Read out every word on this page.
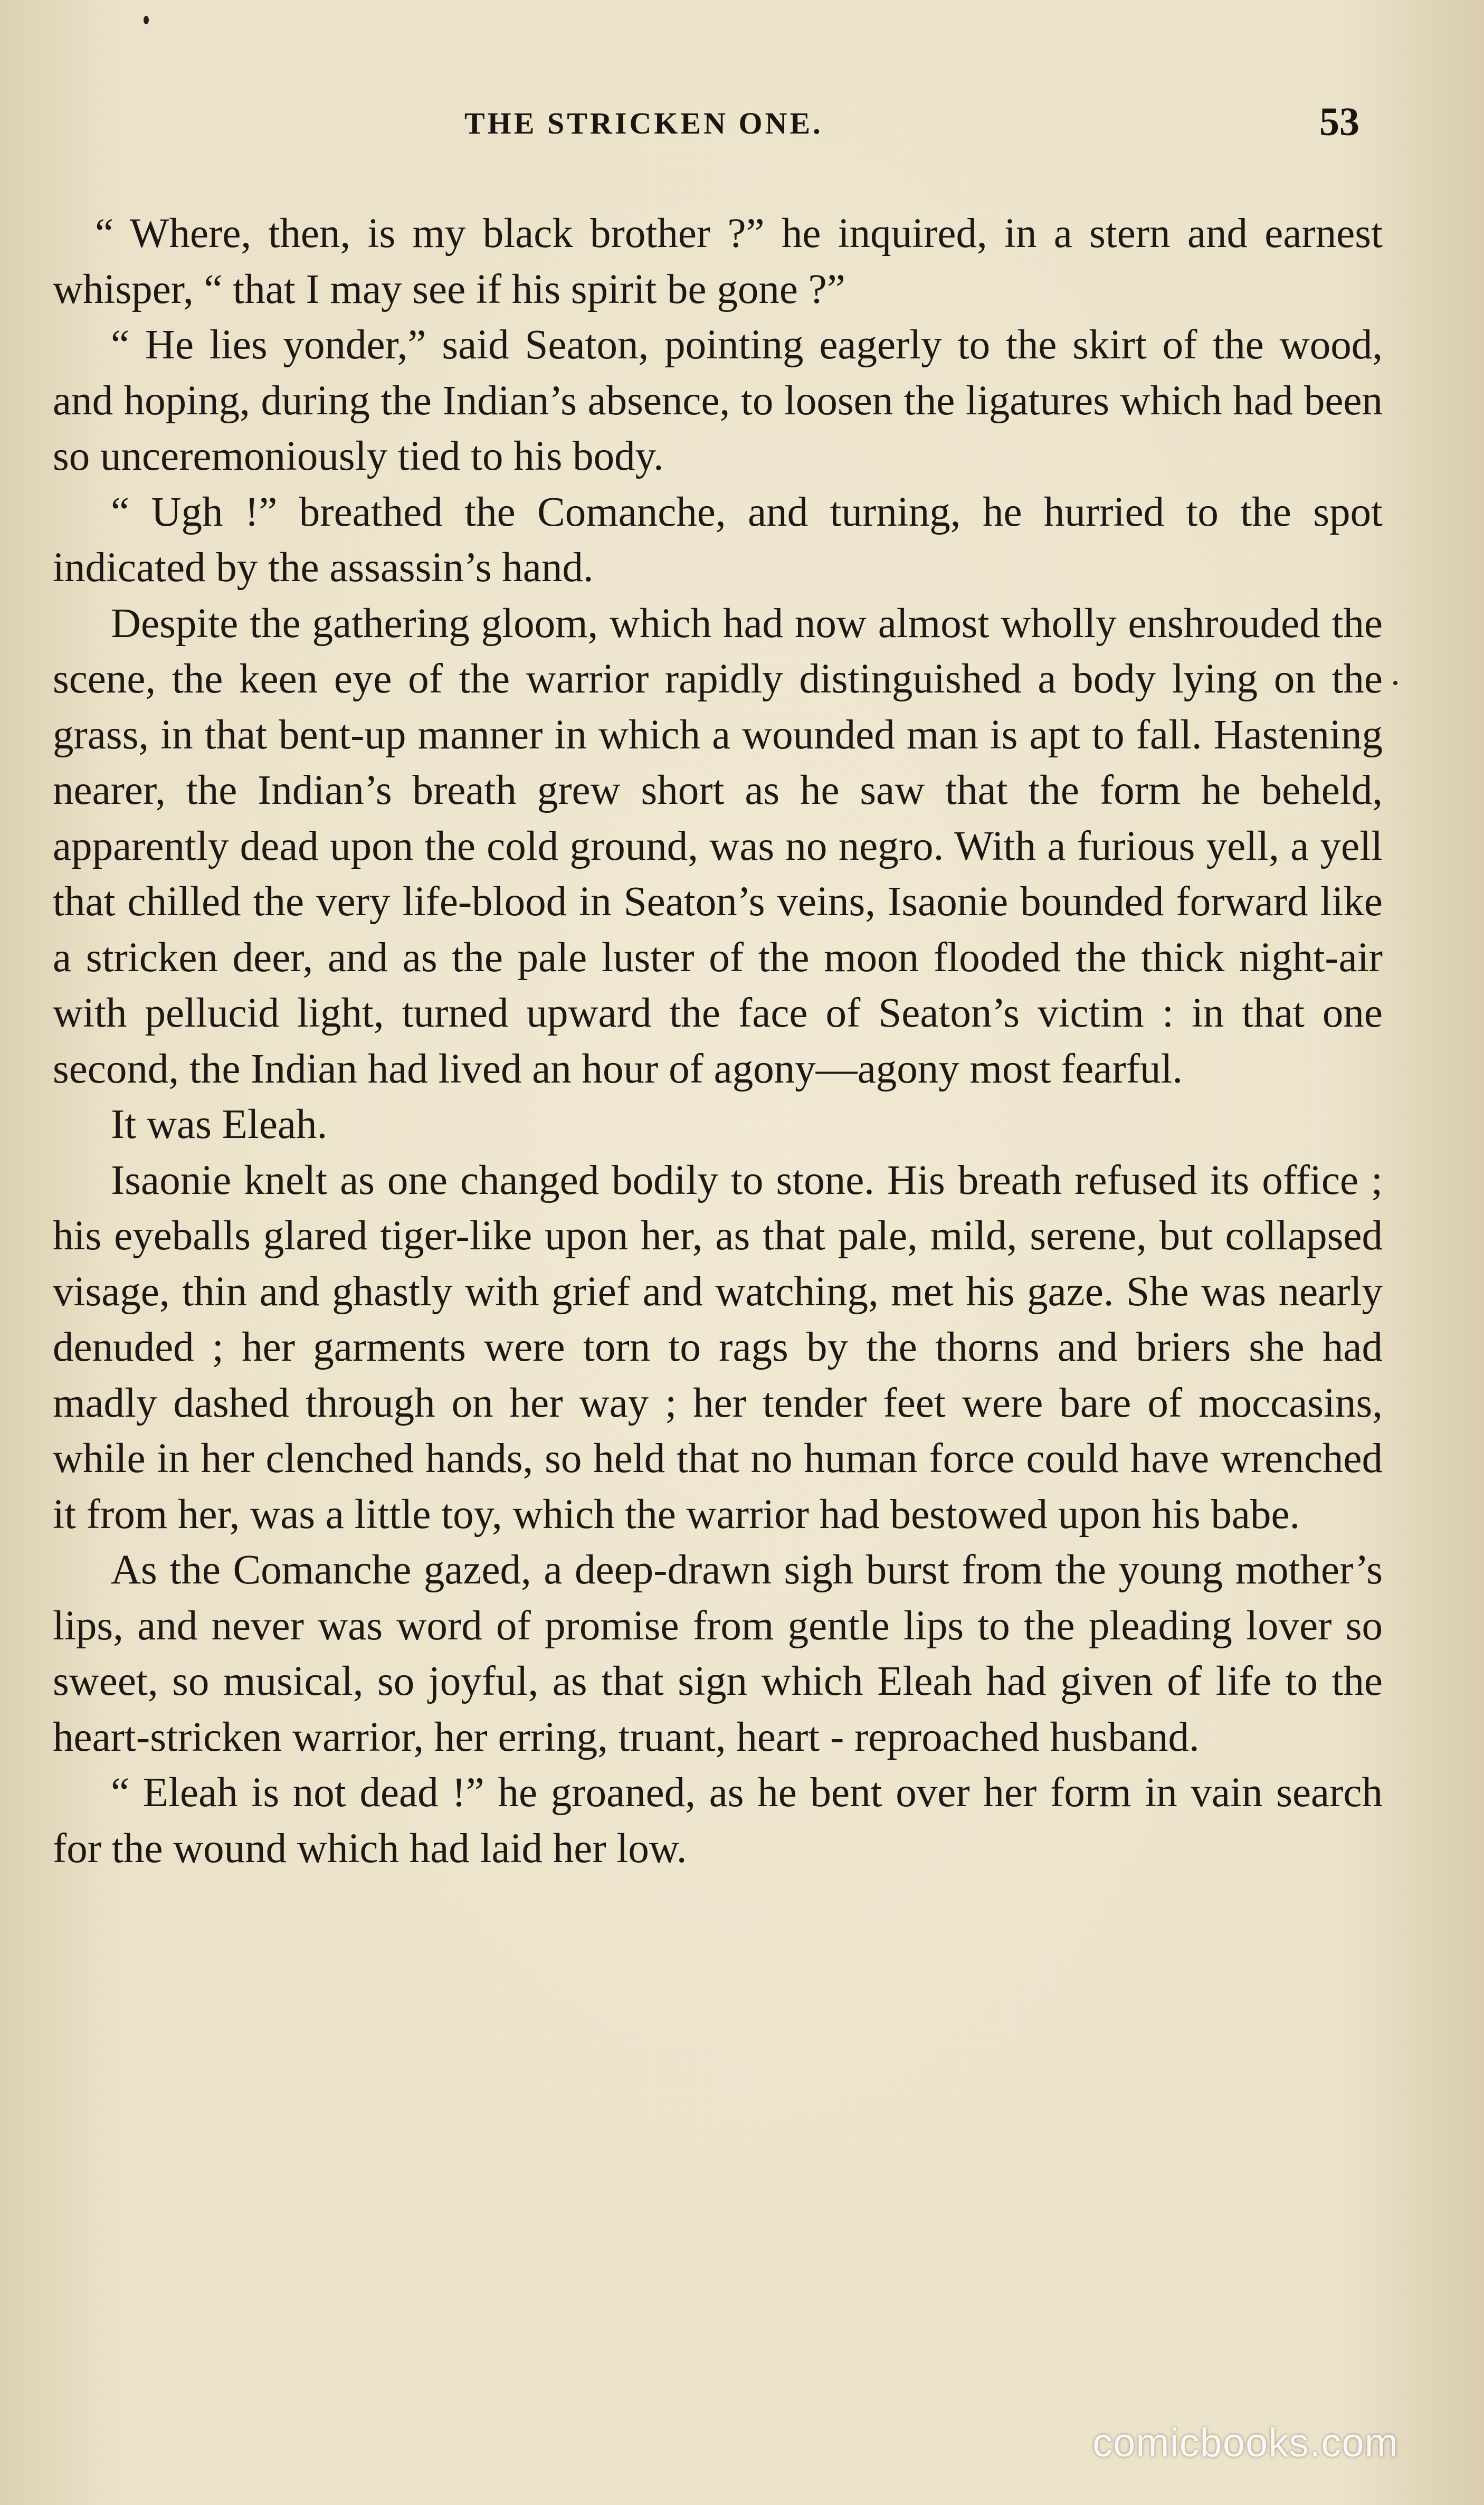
THE STRICKEN ONE.	53

“ Where, then, is my black brother ?” he inquired, in a stern and earnest whisper, “ that I may see if his spirit be gone ?”

“ He lies yonder,” said Seaton, pointing eagerly to the skirt of the wood, and hoping, during the Indian’s absence, to loosen the ligatures which had been so unceremoniously tied to his body.

“ Ugh !” breathed the Comanche, and turning, he hurried to the spot indicated by the assassin’s hand.

Despite the gathering gloom, which had now almost wholly enshrouded the scene, the keen eye of the warrior rapidly distinguished a body lying on the grass, in that bent-up manner in which a wounded man is apt to fall. Hastening nearer, the Indian’s breath grew short as he saw that the form he beheld, apparently dead upon the cold ground, was no negro. With a furious yell, a yell that chilled the very life-blood in Seaton’s veins, Isaonie bounded forward like a stricken deer, and as the pale luster of the moon flooded the thick night-air with pellucid light, turned upward the face of Seaton’s victim : in that one second, the Indian had lived an hour of agony—agony most fearful.

It was Eleah.

Isaonie knelt as one changed bodily to stone. His breath refused its office ; his eyeballs glared tiger-like upon her, as that pale, mild, serene, but collapsed visage, thin and ghastly with grief and watching, met his gaze. She was nearly denuded ; her garments were torn to rags by the thorns and briers she had madly dashed through on her way ; her tender feet were bare of moccasins, while in her clenched hands, so held that no human force could have wrenched it from her, was a little toy, which the warrior had bestowed upon his babe.

As the Comanche gazed, a deep-drawn sigh burst from the young mother’s lips, and never was word of promise from gentle lips to the pleading lover so sweet, so musical, so joyful, as that sign which Eleah had given of life to the heart-stricken warrior, her erring, truant, heart - reproached husband.

“ Eleah is not dead !” he groaned, as he bent over her form in vain search for the wound which had laid her low.

comicbooks.com
